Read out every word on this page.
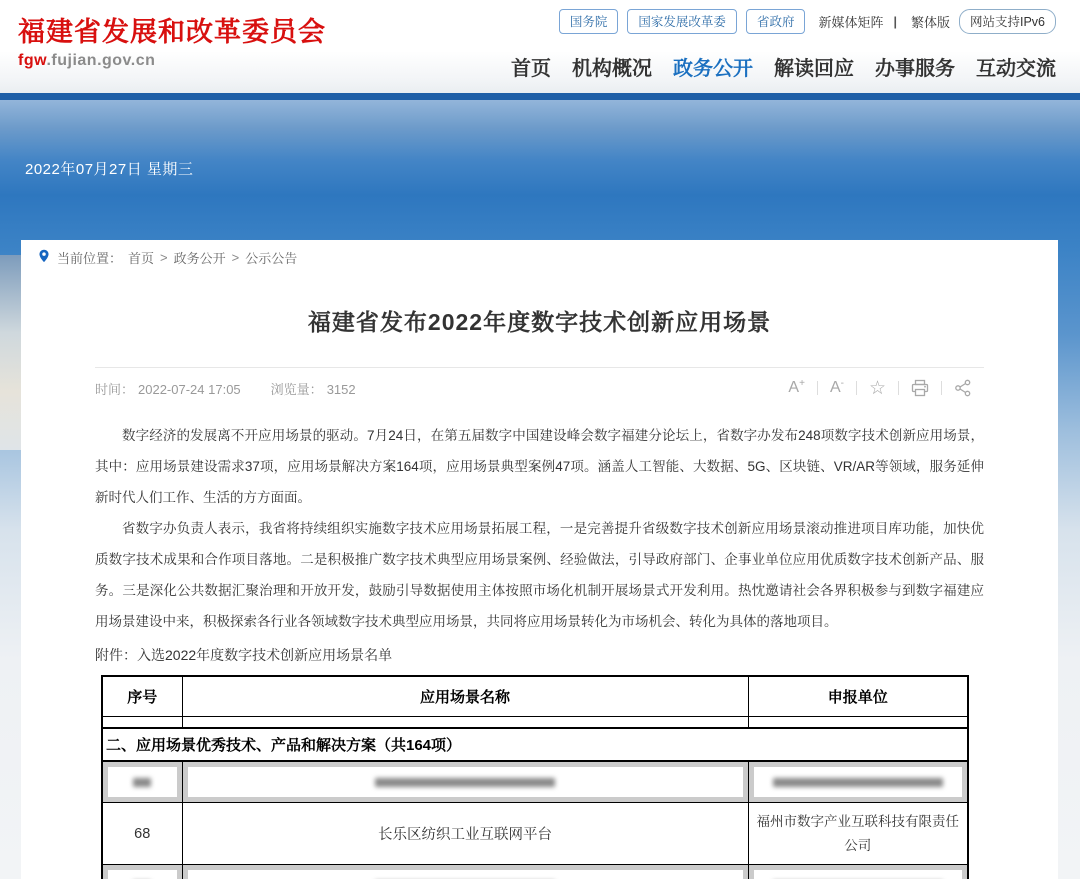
福建省发展和改革委员会
fgw.fujian.gov.cn
国务院	国家发展改革委	省政府	新媒体矩阵 | 繁体版	网站支持IPv6
首页 机构概况 政务公开 解读回应 办事服务 互动交流
2022年07月27日 星期三
请输入您要搜索的内容
当前位置： 首页 > 政务公开 > 公示公告
福建省发布2022年度数字技术创新应用场景
时间： 2022-07-24 17:05 浏览量： 3152	A+ A-	☆

数字经济的发展离不开应用场景的驱动。7月24日，在第五届数字中国建设峰会数字福建分论坛上，省数字办发布248项数字技术创新应用场景，其中：应用场景建设需求37项，应用场景解决方案164项，应用场景典型案例47项。涵盖人工智能、大数据、5G、区块链、VR/AR等领域，服务延伸新时代人们工作、生活的方方面面。

省数字办负责人表示，我省将持续组织实施数字技术应用场景拓展工程，一是完善提升省级数字技术创新应用场景滚动推进项目库功能，加快优质数字技术成果和合作项目落地。二是积极推广数字技术典型应用场景案例、经验做法，引导政府部门、企事业单位应用优质数字技术创新产品、服务。三是深化公共数据汇聚治理和开放开发，鼓励引导数据使用主体按照市场化机制开展场景式开发利用。热忱邀请社会各界积极参与到数字福建应用场景建设中来，积极探索各行业各领域数字技术典型应用场景，共同将应用场景转化为市场机会、转化为具体的落地项目。

附件：入选2022年度数字技术创新应用场景名单
序号	应用场景名称	申报单位

二、应用场景优秀技术、产品和解决方案（共164项）		

68	长乐区纺织工业互联网平台	福州市数字产业互联科技有限责任公司
